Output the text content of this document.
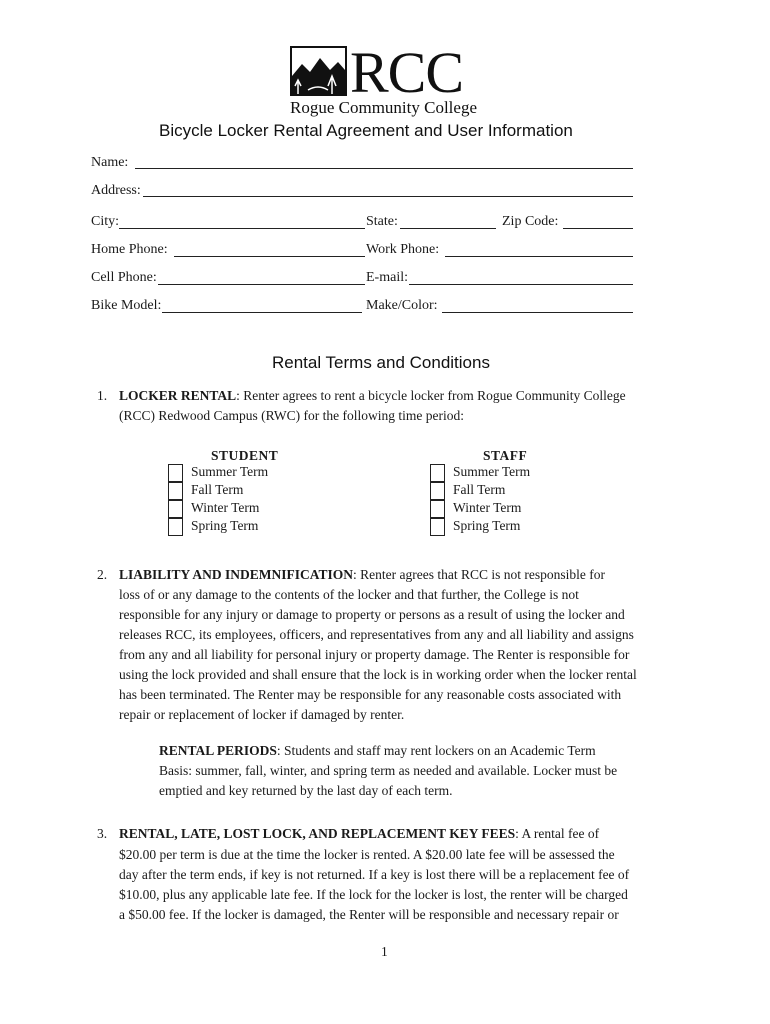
RCC
Rogue Community College
Bicycle Locker Rental Agreement and User Information
Name:
Address:
City:	State:	Zip Code:
Home Phone:	Work Phone:
Cell Phone:	E-mail:
Bike Model:	Make/Color:
Rental Terms and Conditions
1. LOCKER RENTAL: Renter agrees to rent a bicycle locker from Rogue Community College
(RCC) Redwood Campus (RWC) for the following time period:
STUDENT
Summer Term
Fall Term
Winter Term
Spring Term
STAFF
Summer Term
Fall Term
Winter Term
Spring Term
2. LIABILITY AND INDEMNIFICATION: Renter agrees that RCC is not responsible for
loss of or any damage to the contents of the locker and that further, the College is not
responsible for any injury or damage to property or persons as a result of using the locker and
releases RCC, its employees, officers, and representatives from any and all liability and assigns
from any and all liability for personal injury or property damage. The Renter is responsible for
using the lock provided and shall ensure that the lock is in working order when the locker rental
has been terminated. The Renter may be responsible for any reasonable costs associated with
repair or replacement of locker if damaged by renter.
RENTAL PERIODS: Students and staff may rent lockers on an Academic Term
Basis: summer, fall, winter, and spring term as needed and available. Locker must be
emptied and key returned by the last day of each term.
3. RENTAL, LATE, LOST LOCK, AND REPLACEMENT KEY FEES: A rental fee of
$20.00 per term is due at the time the locker is rented. A $20.00 late fee will be assessed the
day after the term ends, if key is not returned. If a key is lost there will be a replacement fee of
$10.00, plus any applicable late fee. If the lock for the locker is lost, the renter will be charged
a $50.00 fee. If the locker is damaged, the Renter will be responsible and necessary repair or
1
